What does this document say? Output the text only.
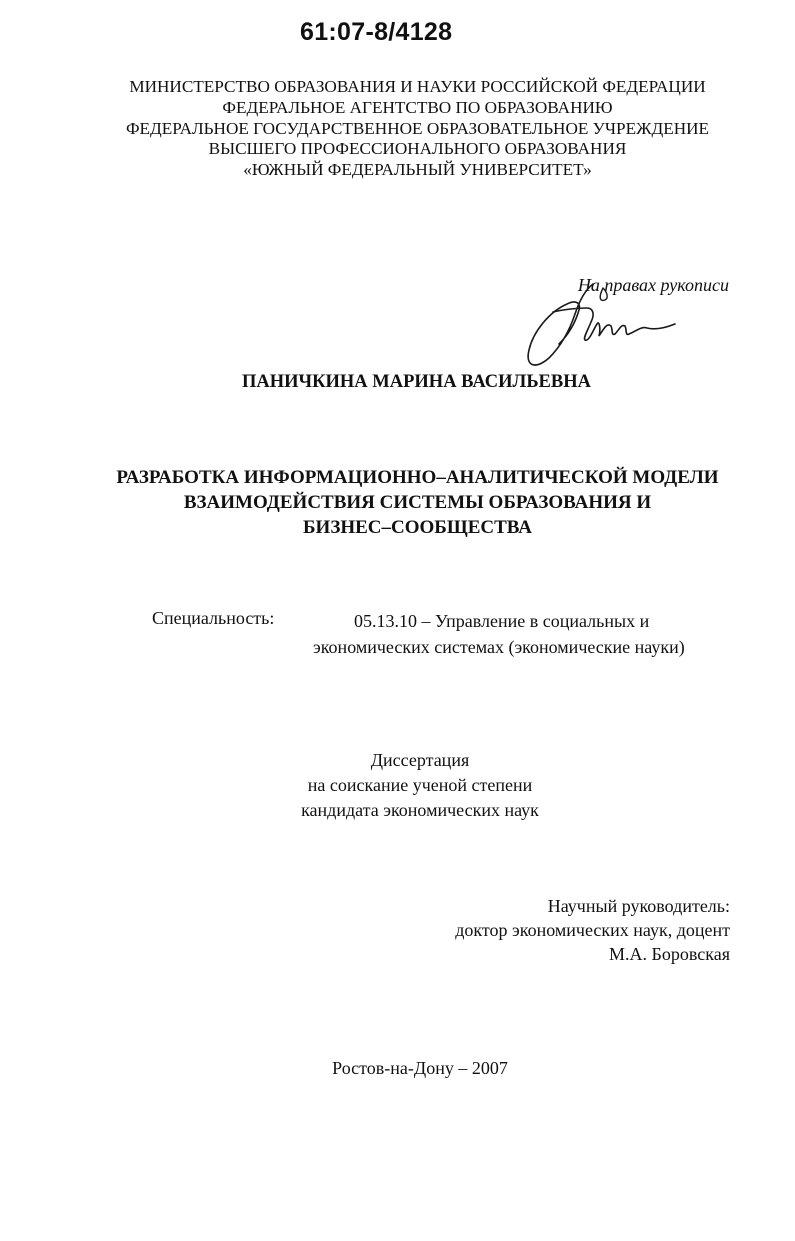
61:07-8/4128
МИНИСТЕРСТВО ОБРАЗОВАНИЯ И НАУКИ РОССИЙСКОЙ ФЕДЕРАЦИИ
ФЕДЕРАЛЬНОЕ АГЕНТСТВО ПО ОБРАЗОВАНИЮ
ФЕДЕРАЛЬНОЕ ГОСУДАРСТВЕННОЕ ОБРАЗОВАТЕЛЬНОЕ УЧРЕЖДЕНИЕ
ВЫСШЕГО ПРОФЕССИОНАЛЬНОГО ОБРАЗОВАНИЯ
«ЮЖНЫЙ ФЕДЕРАЛЬНЫЙ УНИВЕРСИТЕТ»
На правах рукописи
ПАНИЧКИНА МАРИНА ВАСИЛЬЕВНА
РАЗРАБОТКА ИНФОРМАЦИОННО–АНАЛИТИЧЕСКОЙ МОДЕЛИ
ВЗАИМОДЕЙСТВИЯ СИСТЕМЫ ОБРАЗОВАНИЯ И
БИЗНЕС–СООБЩЕСТВА
Специальность:	05.13.10 – Управление в социальных и
экономических системах (экономические науки)
Диссертация
на соискание ученой степени
кандидата экономических наук
Научный руководитель:
доктор экономических наук, доцент
М.А. Боровская
Ростов-на-Дону – 2007
